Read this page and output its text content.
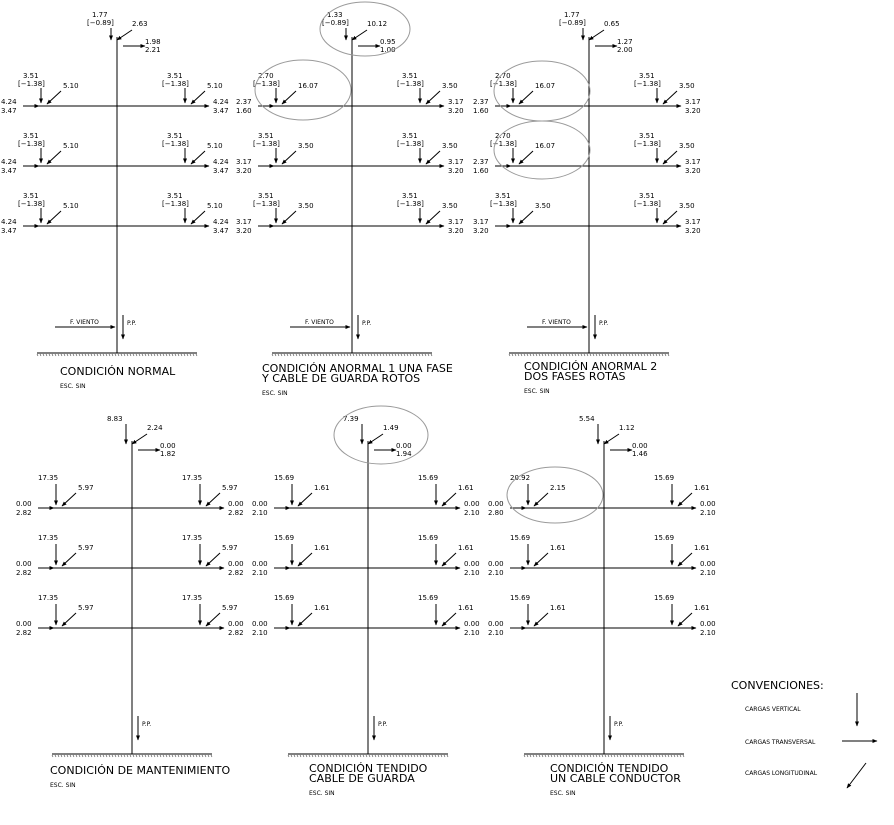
1.77
[−0.89]	2.63
1.98
2.21
3.51
[−1.38]	5.10
4.24
3.47
3.51
[−1.38]	5.10
4.24
3.47
3.51
[−1.38]	5.10
4.24
3.47
3.51
[−1.38]	5.10
4.24
3.47
3.51
[−1.38]	5.10
4.24
3.47
3.51
[−1.38]	5.10
4.24
3.47
F. VIENTO	P.P.
CONDICIÓN NORMAL
ESC. SIN
1.33
[−0.89]	10.12
0.95
1.00
2.70
[−1.38]	16.07
2.37
1.60
3.51
[−1.38]	3.50
3.17
3.20
3.51
[−1.38]	3.50
3.17
3.20
3.51
[−1.38]	3.50
3.17
3.20
3.51
[−1.38]	3.50
3.17
3.20
3.51
[−1.38]	3.50
3.17
3.20
F. VIENTO	P.P.
CONDICIÓN ANORMAL 1 UNA FASE
Y CABLE DE GUARDA ROTOS
ESC. SIN
1.77
[−0.89]	0.65
1.27
2.00
2.70
[−1.38]	16.07
2.37
1.60
3.51
[−1.38]	3.50
3.17
3.20
2.70
[−1.38]	16.07
2.37
1.60
3.51
[−1.38]	3.50
3.17
3.20
3.51
[−1.38]	3.50
3.17
3.20
3.51
[−1.38]	3.50
3.17
3.20
F. VIENTO	P.P.
CONDICIÓN ANORMAL 2
DOS FASES ROTAS
ESC. SIN
8.83
2.24
0.00
1.82
17.35
5.97
0.00
2.82
17.35
5.97
0.00
2.82
17.35
5.97
0.00
2.82
17.35
5.97
0.00
2.82
17.35
5.97
0.00
2.82
17.35
5.97
0.00
2.82
P.P.
CONDICIÓN DE MANTENIMIENTO
ESC. SIN
7.39
1.49
0.00
1.94
15.69
1.61
0.00
2.10
15.69
1.61
0.00
2.10
15.69
1.61
0.00
2.10
15.69
1.61
0.00
2.10
15.69
1.61
0.00
2.10
15.69
1.61
0.00
2.10
P.P.
CONDICIÓN TENDIDO
CABLE DE GUARDA
ESC. SIN
5.54
1.12
0.00
1.46
20.92
2.15
0.00
2.80
15.69
1.61
0.00
2.10
15.69
1.61
0.00
2.10
15.69
1.61
0.00
2.10
15.69
1.61
0.00
2.10
15.69
1.61
0.00
2.10
P.P.
CONDICIÓN TENDIDO
UN CABLE CONDUCTOR
ESC. SIN
CONVENCIONES:
CARGAS VERTICAL
CARGAS TRANSVERSAL
CARGAS LONGITUDINAL
